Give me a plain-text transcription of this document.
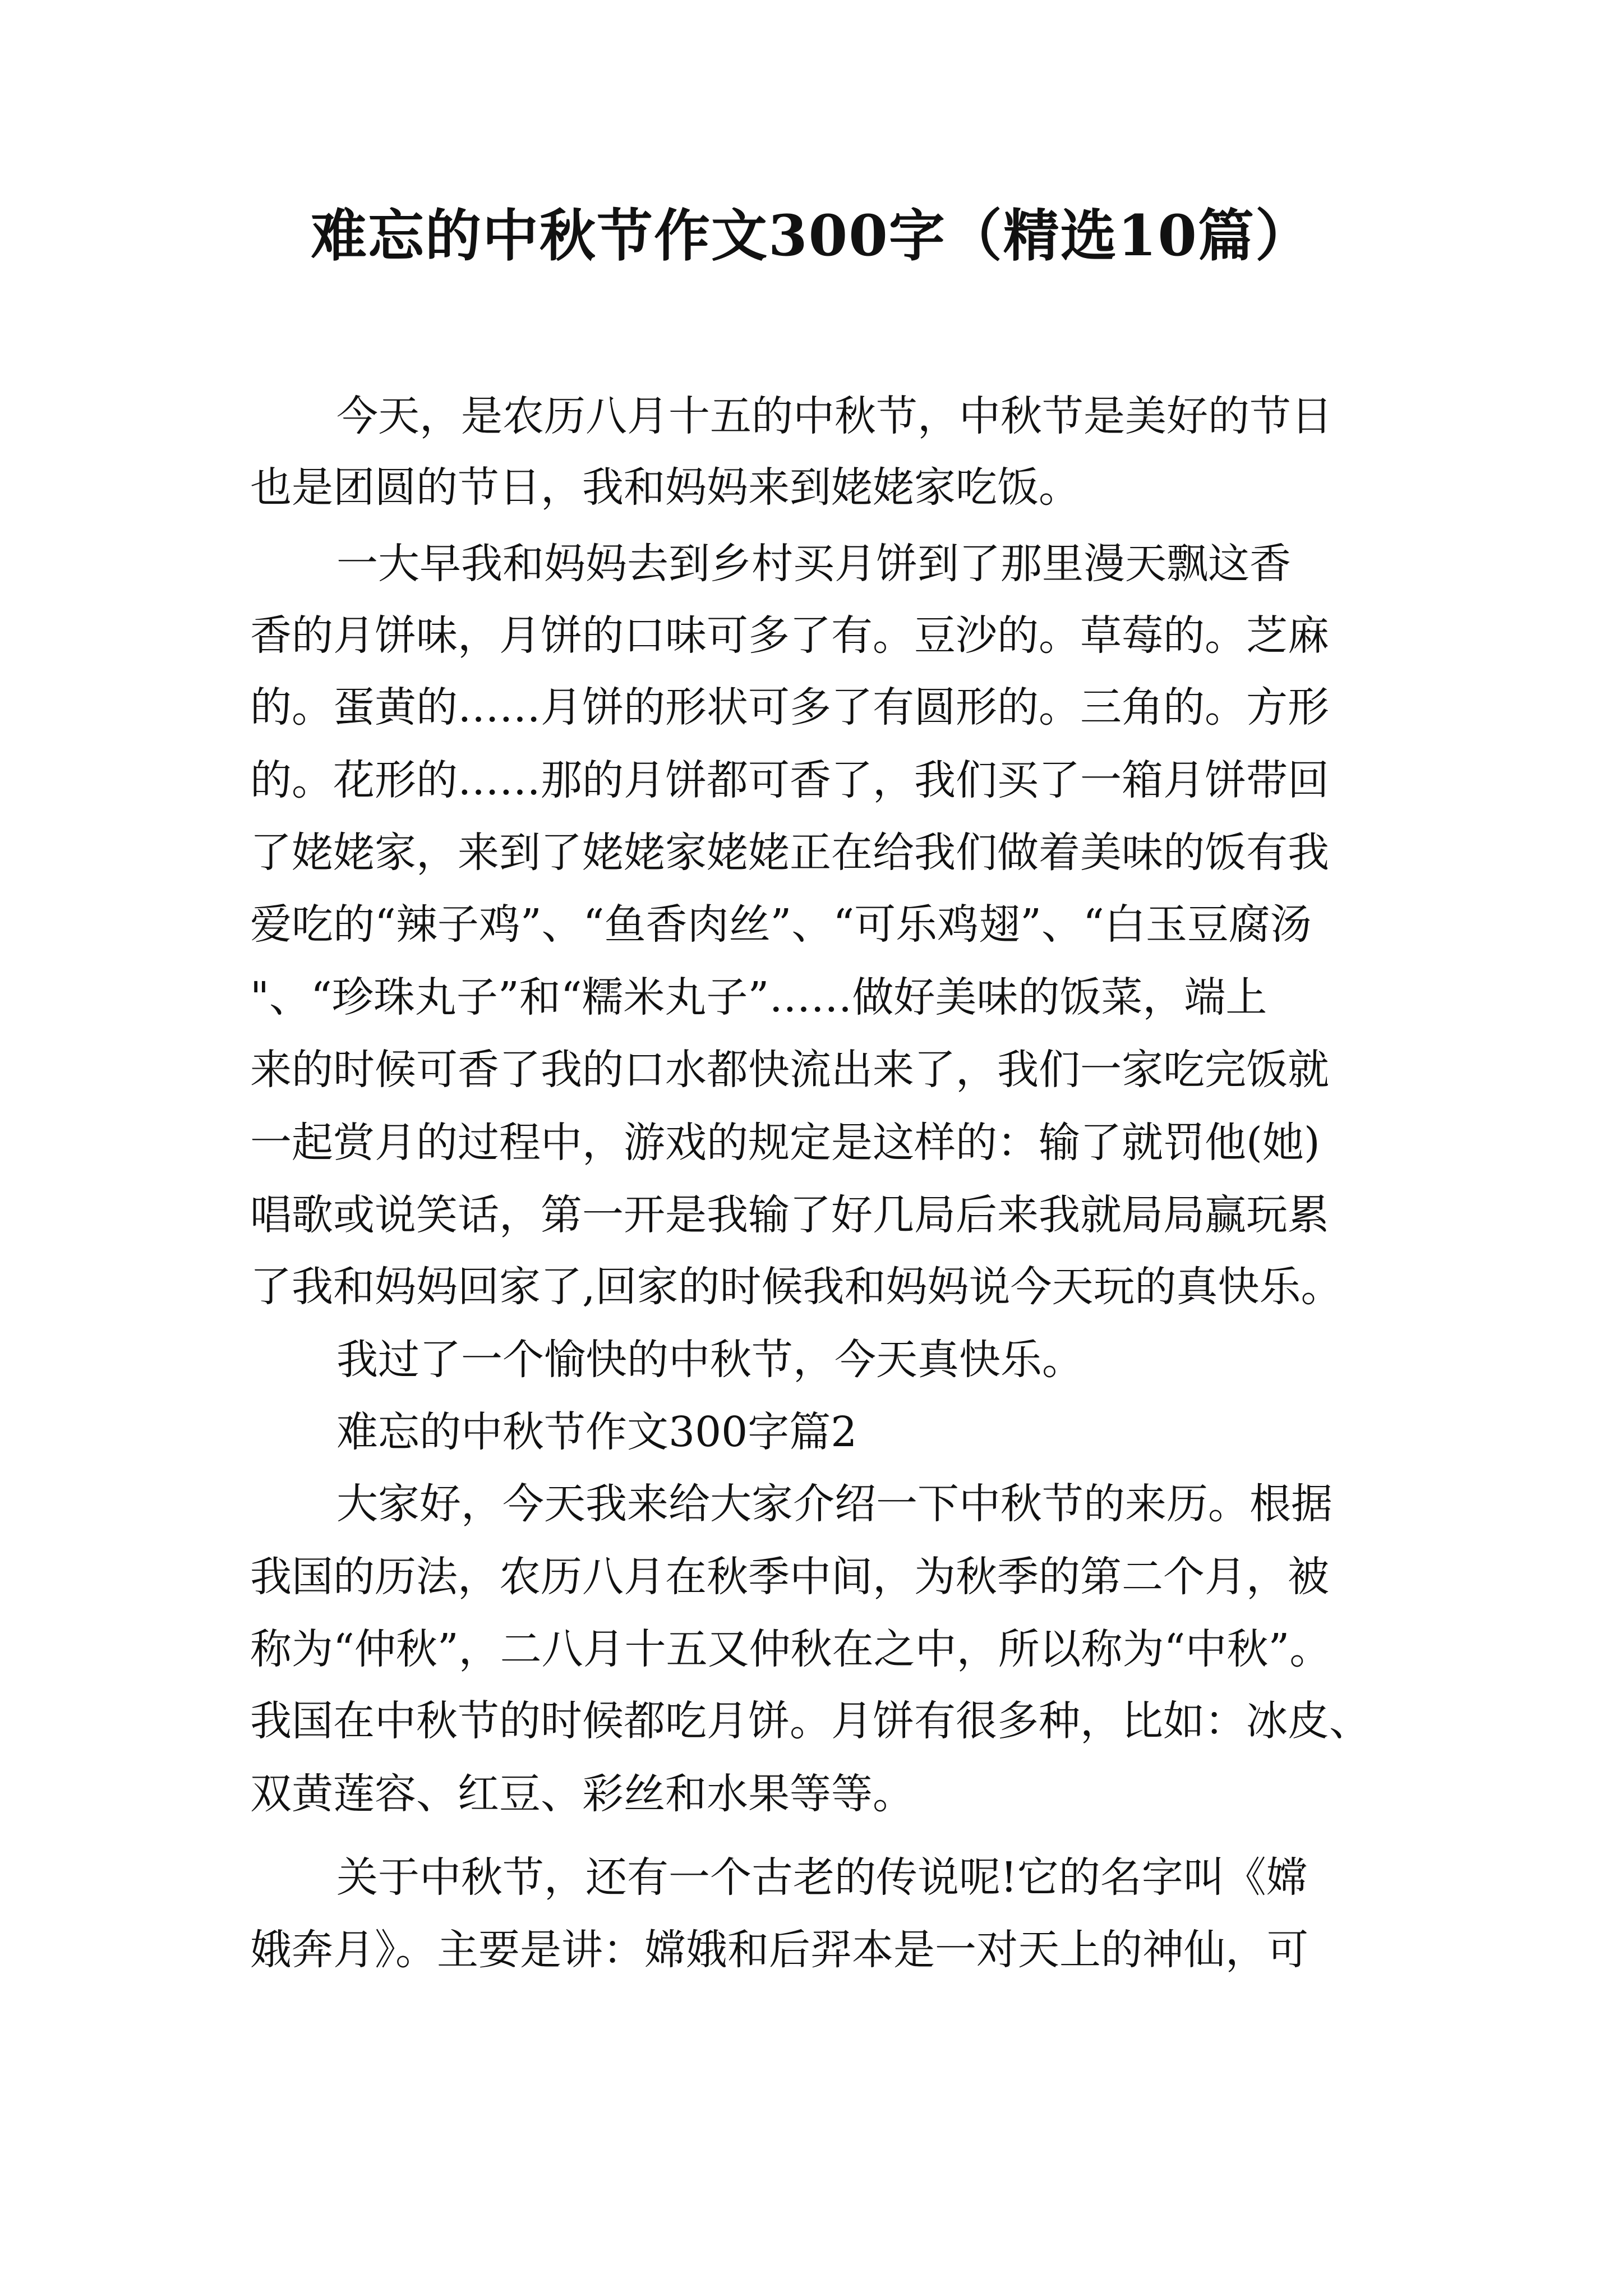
难忘的中秋节作文300字（精选10篇）
今天，是农历八月十五的中秋节，中秋节是美好的节日
也是团圆的节日，我和妈妈来到姥姥家吃饭。
一大早我和妈妈去到乡村买月饼到了那里漫天飘这香
香的月饼味，月饼的口味可多了有。豆沙的。草莓的。芝麻
的。蛋黄的……月饼的形状可多了有圆形的。三角的。方形
的。花形的……那的月饼都可香了，我们买了一箱月饼带回
了姥姥家，来到了姥姥家姥姥正在给我们做着美味的饭有我
爱吃的“辣子鸡”、“鱼香肉丝”、“可乐鸡翅”、“白玉豆腐汤
"、“珍珠丸子”和“糯米丸子”……做好美味的饭菜，端上
来的时候可香了我的口水都快流出来了，我们一家吃完饭就
一起赏月的过程中，游戏的规定是这样的：输了就罚他(她)
唱歌或说笑话，第一开是我输了好几局后来我就局局赢玩累
了我和妈妈回家了,回家的时候我和妈妈说今天玩的真快乐。
我过了一个愉快的中秋节，今天真快乐。
难忘的中秋节作文300字篇2
大家好，今天我来给大家介绍一下中秋节的来历。根据
我国的历法，农历八月在秋季中间，为秋季的第二个月，被
称为“仲秋”，二八月十五又仲秋在之中，所以称为“中秋”。
我国在中秋节的时候都吃月饼。月饼有很多种，比如：冰皮、
双黄莲容、红豆、彩丝和水果等等。
关于中秋节，还有一个古老的传说呢!它的名字叫《嫦
娥奔月》。主要是讲：嫦娥和后羿本是一对天上的神仙，可
